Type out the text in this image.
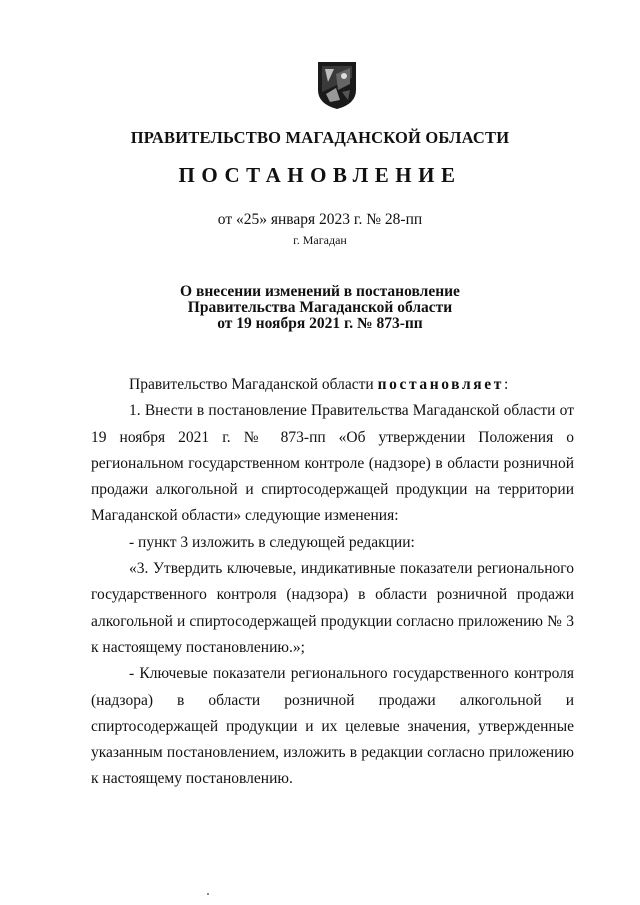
ПРАВИТЕЛЬСТВО МАГАДАНСКОЙ ОБЛАСТИ
ПОСТАНОВЛЕНИЕ
от «25» января 2023 г. № 28-пп
г. Магадан
О внесении изменений в постановление
Правительства Магаданской области
от 19 ноября 2021 г. № 873-пп

Правительство Магаданской области постановляет:

1. Внести в постановление Правительства Магаданской области от 19 ноября 2021 г. № 873-пп «Об утверждении Положения о региональном государственном контроле (надзоре) в области розничной продажи алкогольной и спиртосодержащей продукции на территории Магаданской области» следующие изменения:

- пункт 3 изложить в следующей редакции:

«3. Утвердить ключевые, индикативные показатели регионального государственного контроля (надзора) в области розничной продажи алкогольной и спиртосодержащей продукции согласно приложению № 3 к настоящему постановлению.»;

- Ключевые показатели регионального государственного контроля (надзора) в области розничной продажи алкогольной и спиртосодержащей продукции и их целевые значения, утвержденные указанным постановлением, изложить в редакции согласно приложению к настоящему постановлению.
